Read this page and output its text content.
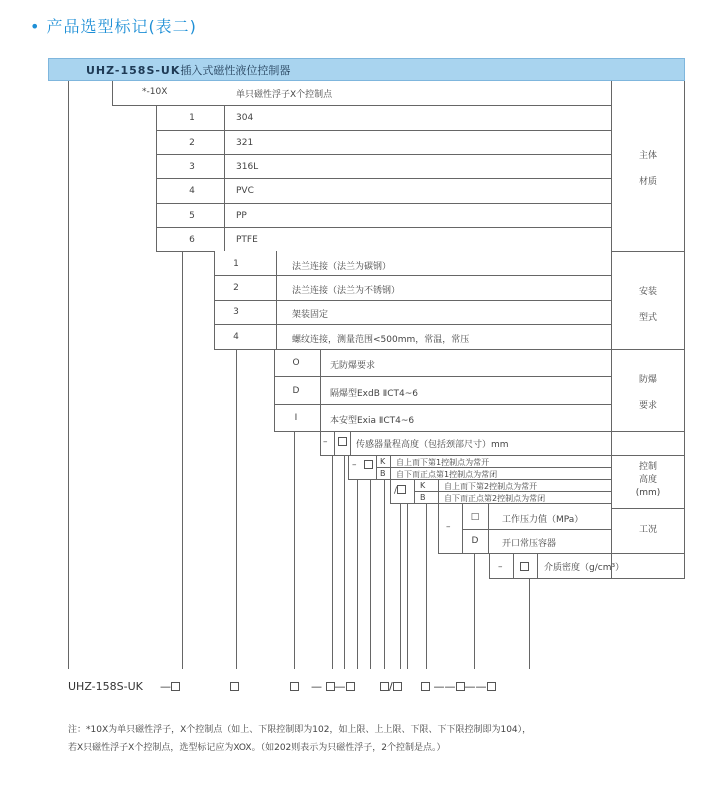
• 产品选型标记(表二)
UHZ-158S-UK插入式磁性液位控制器
*-10X	单只磁性浮子X个控制点
1	304
2	321
3	316L
4	PVC
5	PP
6	PTFE
主体

材质
1	法兰连接（法兰为碳钢）
2	法兰连接（法兰为不锈钢）
3	架装固定
4	螺纹连接，测量范围<500mm，常温，常压
安装

型式
O	无防爆要求
D	隔爆型ExdB ⅡCT4~6
I	本安型Exia ⅡCT4~6
防爆

要求
–	传感器量程高度（包括颈部尺寸）mm
–	K 自上而下第1控制点为常开
B 自下而正点第1控制点为常闭
/
K 自上而下第2控制点为常开
B 自下而正点第2控制点为常闭
控制
高度
(mm)
–
□	工作压力值（MPa）
D	开口常压容器
工况
–	介质密度（g/cm³）
UHZ-158S-UK —	— —	/	—— ——
注：*10X为单只磁性浮子，X个控制点（如上、下限控制即为102，如上限、上上限、下限、下下限控制即为104），
若X只磁性浮子X个控制点，选型标记应为XOX。（如202则表示为只磁性浮子，2个控制是点。）
